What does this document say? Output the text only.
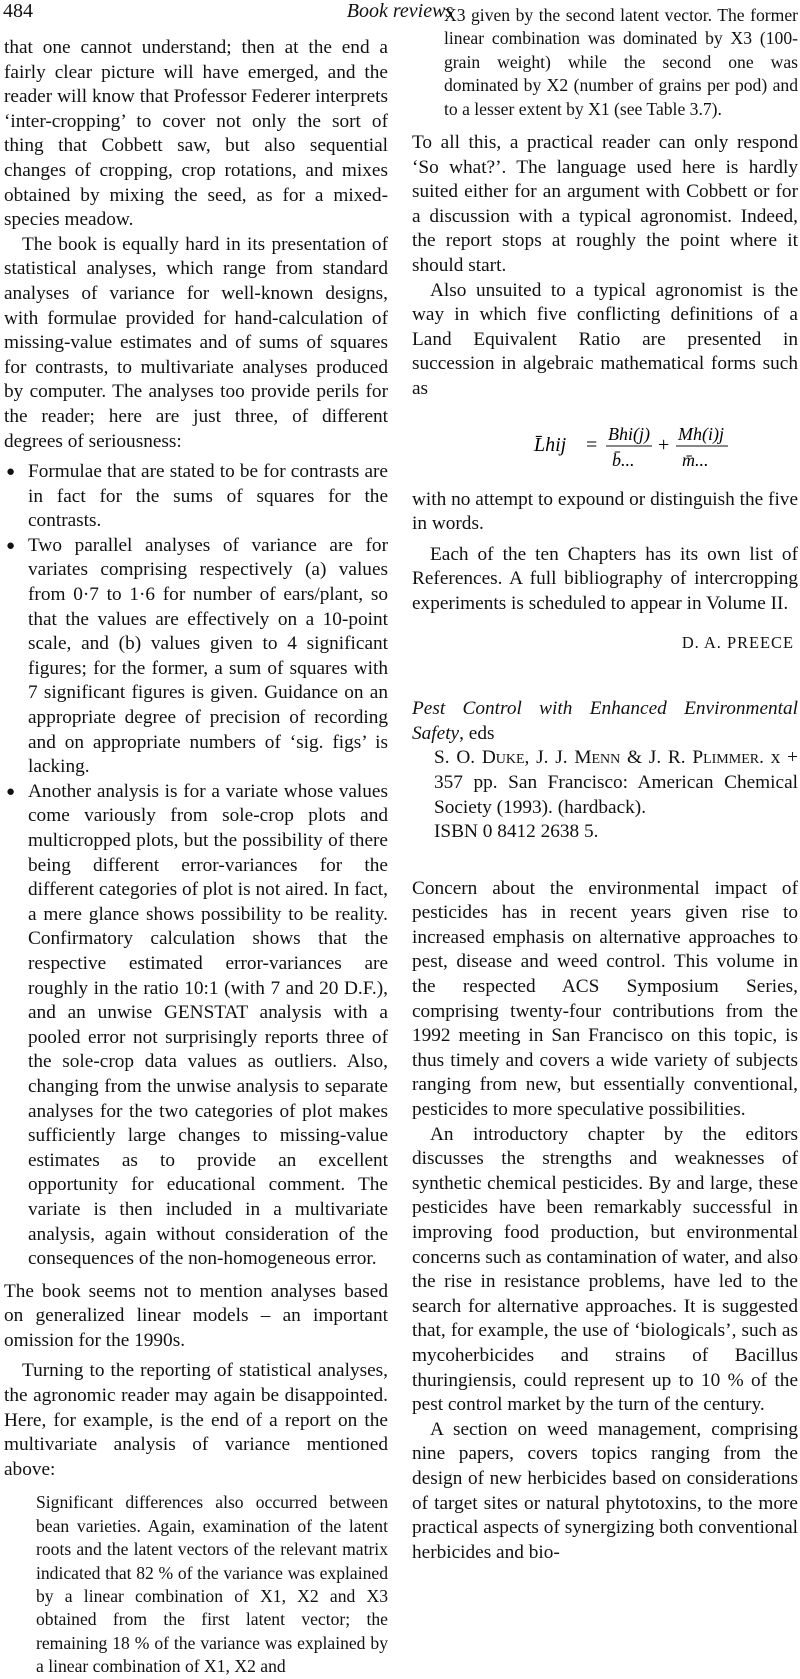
484	Book reviews

that one cannot understand; then at the end a fairly clear picture will have emerged, and the reader will know that Professor Federer interprets ‘inter-cropping’ to cover not only the sort of thing that Cobbett saw, but also sequential changes of cropping, crop rotations, and mixes obtained by mixing the seed, as for a mixed-species meadow.

The book is equally hard in its presentation of statistical analyses, which range from standard analyses of variance for well-known designs, with formulae provided for hand-calculation of missing-value estimates and of sums of squares for contrasts, to multivariate analyses produced by computer. The analyses too provide perils for the reader; here are just three, of different degrees of seriousness:

● Formulae that are stated to be for contrasts are in fact for the sums of squares for the contrasts.
● Two parallel analyses of variance are for variates comprising respectively (a) values from 0·7 to 1·6 for number of ears/plant, so that the values are effectively on a 10-point scale, and (b) values given to 4 significant figures; for the former, a sum of squares with 7 significant figures is given. Guidance on an appropriate degree of precision of recording and on appropriate numbers of ‘sig. figs’ is lacking.
● Another analysis is for a variate whose values come variously from sole-crop plots and multicropped plots, but the possibility of there being different error-variances for the different categories of plot is not aired. In fact, a mere glance shows possibility to be reality. Confirmatory calculation shows that the respective estimated error-variances are roughly in the ratio 10:1 (with 7 and 20 D.F.), and an unwise GENSTAT analysis with a pooled error not surprisingly reports three of the sole-crop data values as outliers. Also, changing from the unwise analysis to separate analyses for the two categories of plot makes sufficiently large changes to missing-value estimates as to provide an excellent opportunity for educational comment. The variate is then included in a multivariate analysis, again without consideration of the consequences of the non-homogeneous error.

The book seems not to mention analyses based on generalized linear models – an important omission for the 1990s.

Turning to the reporting of statistical analyses, the agronomic reader may again be disappointed. Here, for example, is the end of a report on the multivariate analysis of variance mentioned above:

Significant differences also occurred between bean varieties. Again, examination of the latent roots and the latent vectors of the relevant matrix indicated that 82 % of the variance was explained by a linear combination of X1, X2 and X3 obtained from the first latent vector; the remaining 18 % of the variance was explained by a linear combination of X1, X2 and

X3 given by the second latent vector. The former linear combination was dominated by X3 (100-grain weight) while the second one was dominated by X2 (number of grains per pod) and to a lesser extent by X1 (see Table 3.7).

To all this, a practical reader can only respond ‘So what?’. The language used here is hardly suited either for an argument with Cobbett or for a discussion with a typical agronomist. Indeed, the report stops at roughly the point where it should start.

Also unsuited to a typical agronomist is the way in which five conflicting definitions of a Land Equivalent Ratio are presented in succession in algebraic mathematical forms such as

L̄hij = Bhi(j)
b̄...
+ Mh(i)j
m̄...

with no attempt to expound or distinguish the five in words.

Each of the ten Chapters has its own list of References. A full bibliography of intercropping experiments is scheduled to appear in Volume II.

D. A. PREECE

Pest Control with Enhanced Environmental Safety, eds

S. O. Duke, J. J. Menn & J. R. Plimmer. x + 357 pp. San Francisco: American Chemical Society (1993). (hardback).

ISBN 0 8412 2638 5.

Concern about the environmental impact of pesticides has in recent years given rise to increased emphasis on alternative approaches to pest, disease and weed control. This volume in the respected ACS Symposium Series, comprising twenty-four contributions from the 1992 meeting in San Francisco on this topic, is thus timely and covers a wide variety of subjects ranging from new, but essentially conventional, pesticides to more speculative possibilities.

An introductory chapter by the editors discusses the strengths and weaknesses of synthetic chemical pesticides. By and large, these pesticides have been remarkably successful in improving food production, but environmental concerns such as contamination of water, and also the rise in resistance problems, have led to the search for alternative approaches. It is suggested that, for example, the use of ‘biologicals’, such as mycoherbicides and strains of Bacillus thuringiensis, could represent up to 10 % of the pest control market by the turn of the century.

A section on weed management, comprising nine papers, covers topics ranging from the design of new herbicides based on considerations of target sites or natural phytotoxins, to the more practical aspects of synergizing both conventional herbicides and bio-
